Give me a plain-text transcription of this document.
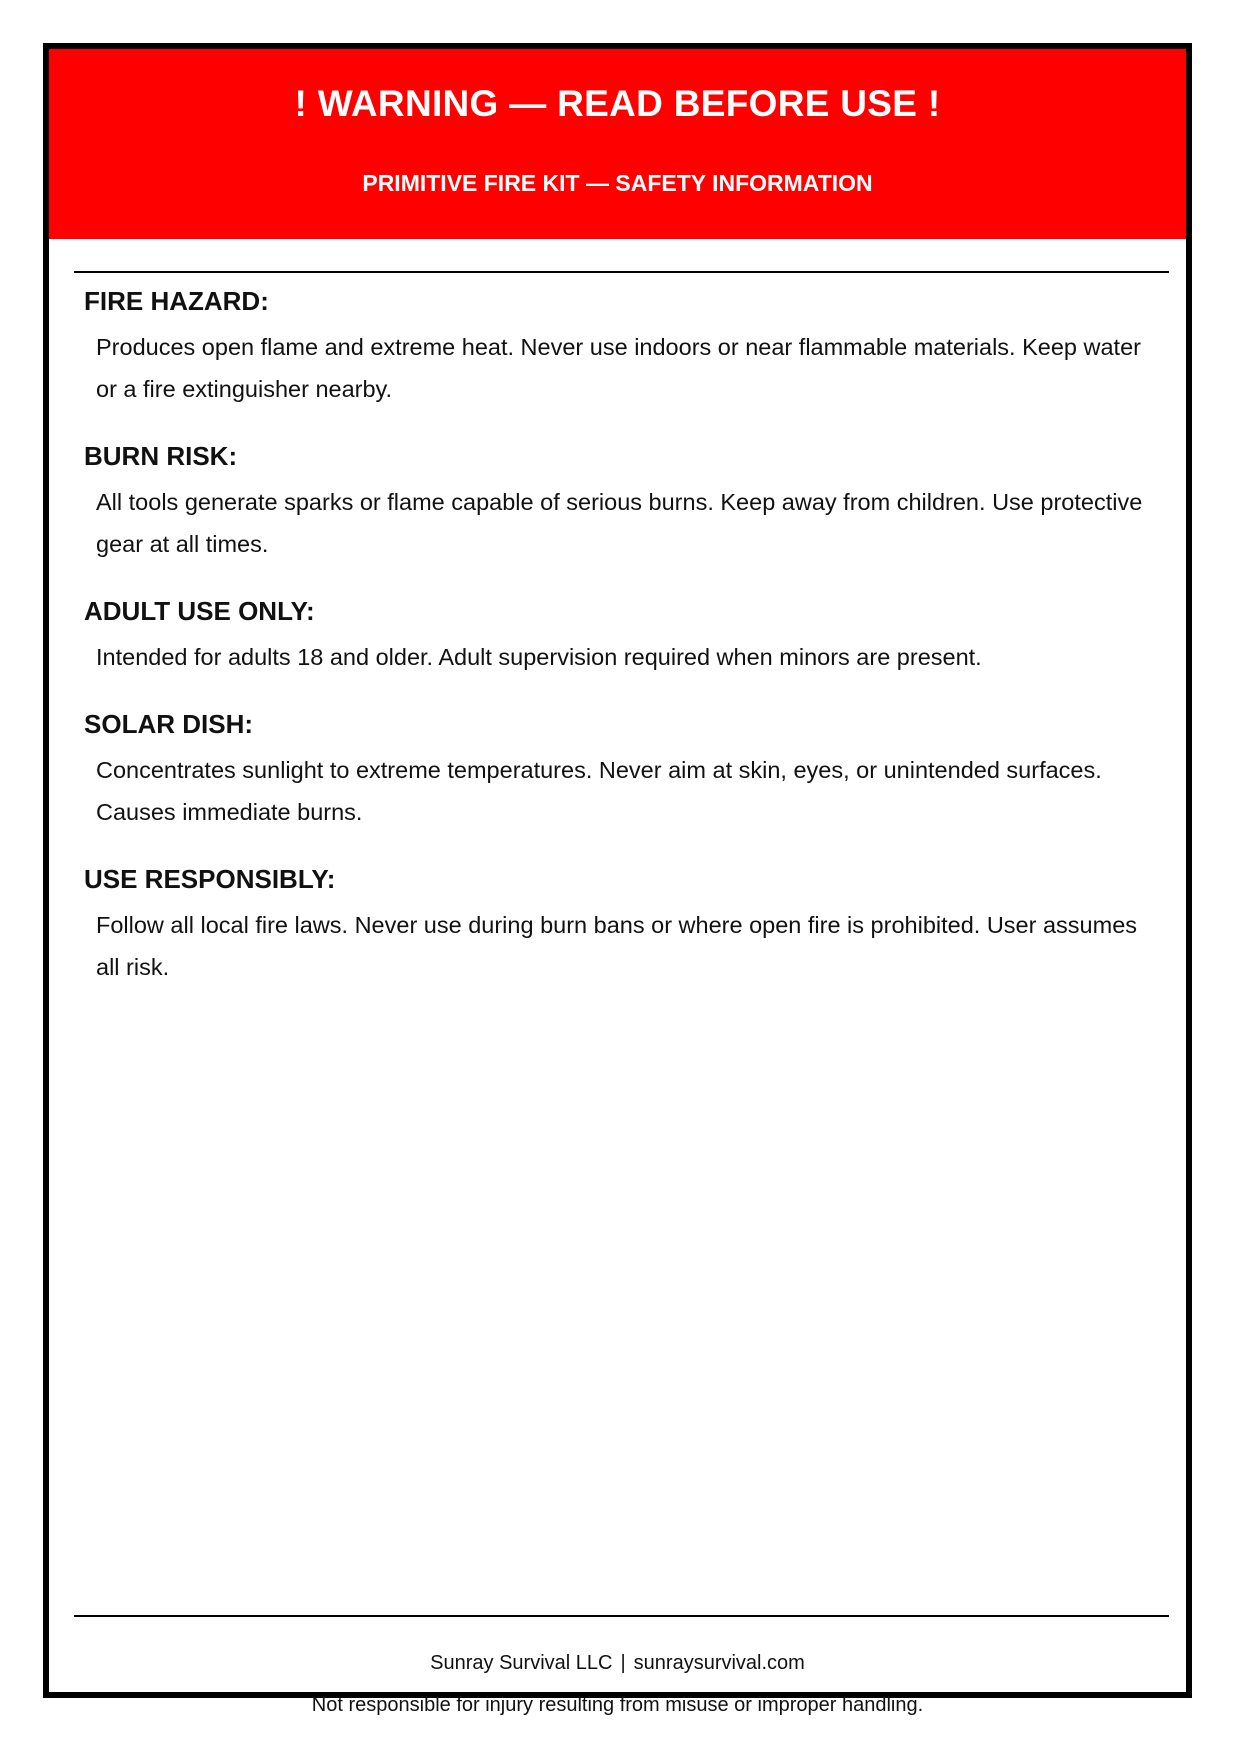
! WARNING — READ BEFORE USE !
PRIMITIVE FIRE KIT — SAFETY INFORMATION
FIRE HAZARD:

Produces open flame and extreme heat. Never use indoors or near flammable materials. Keep water or a fire extinguisher nearby.

BURN RISK:

All tools generate sparks or flame capable of serious burns. Keep away from children. Use protective gear at all times.

ADULT USE ONLY:

Intended for adults 18 and older. Adult supervision required when minors are present.

SOLAR DISH:

Concentrates sunlight to extreme temperatures. Never aim at skin, eyes, or unintended surfaces. Causes immediate burns.

USE RESPONSIBLY:

Follow all local fire laws. Never use during burn bans or where open fire is prohibited. User assumes all risk.

Sunray Survival LLC | sunraysurvival.com
Not responsible for injury resulting from misuse or improper handling.
